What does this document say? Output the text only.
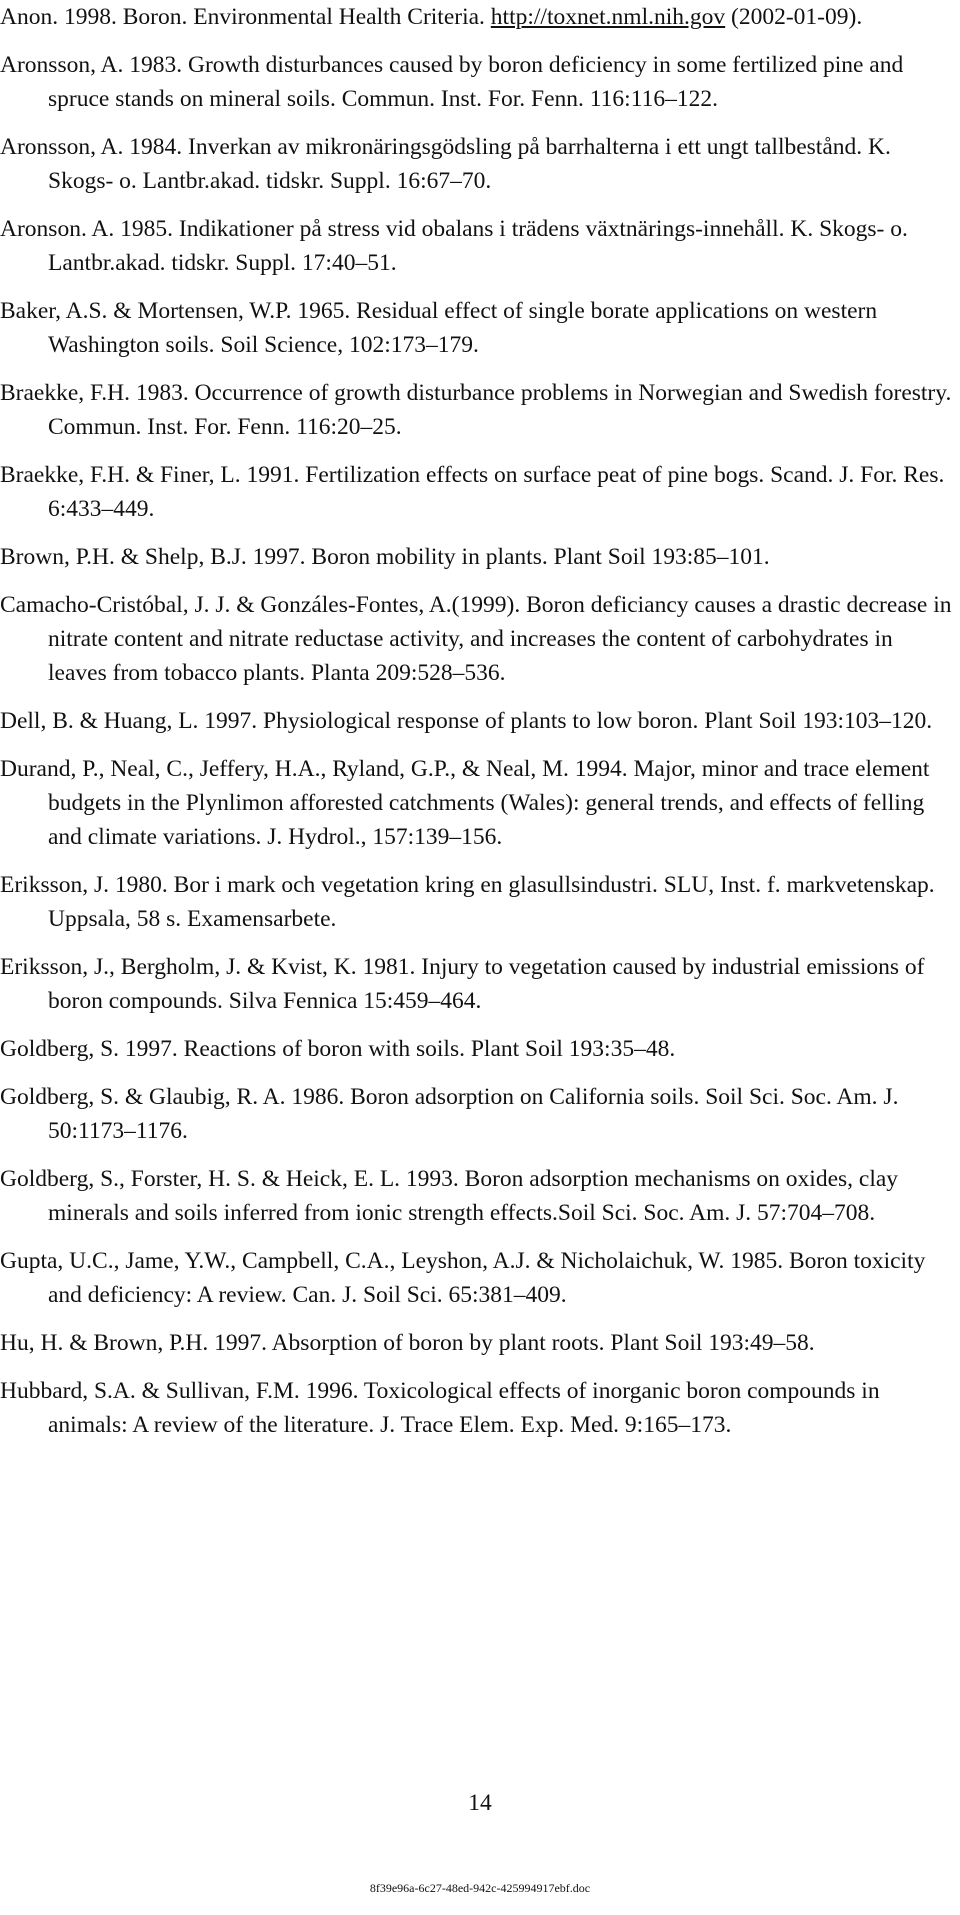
Anon. 1998. Boron. Environmental Health Criteria. http://toxnet.nml.nih.gov (2002-01-09).
Aronsson, A. 1983. Growth disturbances caused by boron deficiency in some fertilized pine and spruce stands on mineral soils. Commun. Inst. For. Fenn. 116:116–122.
Aronsson, A. 1984. Inverkan av mikronäringsgödsling på barrhalterna i ett ungt tallbestånd. K. Skogs- o. Lantbr.akad. tidskr. Suppl. 16:67–70.
Aronson. A. 1985. Indikationer på stress vid obalans i trädens växtnärings-innehåll. K. Skogs- o. Lantbr.akad. tidskr. Suppl. 17:40–51.
Baker, A.S. & Mortensen, W.P. 1965. Residual effect of single borate applications on western Washington soils. Soil Science, 102:173–179.
Braekke, F.H. 1983. Occurrence of growth disturbance problems in Norwegian and Swedish forestry. Commun. Inst. For. Fenn. 116:20–25.
Braekke, F.H. & Finer, L. 1991. Fertilization effects on surface peat of pine bogs. Scand. J. For. Res. 6:433–449.
Brown, P.H. & Shelp, B.J. 1997. Boron mobility in plants. Plant Soil 193:85–101.
Camacho-Cristóbal, J. J. & Gonzáles-Fontes, A.(1999). Boron deficiancy causes a drastic decrease in nitrate content and nitrate reductase activity, and increases the content of carbohydrates in leaves from tobacco plants. Planta 209:528–536.
Dell, B. & Huang, L. 1997. Physiological response of plants to low boron. Plant Soil 193:103–120.
Durand, P., Neal, C., Jeffery, H.A., Ryland, G.P., & Neal, M. 1994. Major, minor and trace element budgets in the Plynlimon afforested catchments (Wales): general trends, and effects of felling and climate variations. J. Hydrol., 157:139–156.
Eriksson, J. 1980. Bor i mark och vegetation kring en glasullsindustri. SLU, Inst. f. markvetenskap. Uppsala, 58 s. Examensarbete.
Eriksson, J., Bergholm, J. & Kvist, K. 1981. Injury to vegetation caused by industrial emissions of boron compounds. Silva Fennica 15:459–464.
Goldberg, S. 1997. Reactions of boron with soils. Plant Soil 193:35–48.
Goldberg, S. & Glaubig, R. A. 1986. Boron adsorption on California soils. Soil Sci. Soc. Am. J. 50:1173–1176.
Goldberg, S., Forster, H. S. & Heick, E. L. 1993. Boron adsorption mechanisms on oxides, clay minerals and soils inferred from ionic strength effects.Soil Sci. Soc. Am. J. 57:704–708.
Gupta, U.C., Jame, Y.W., Campbell, C.A., Leyshon, A.J. & Nicholaichuk, W. 1985. Boron toxicity and deficiency: A review. Can. J. Soil Sci. 65:381–409.
Hu, H. & Brown, P.H. 1997. Absorption of boron by plant roots. Plant Soil 193:49–58.
Hubbard, S.A. & Sullivan, F.M. 1996. Toxicological effects of inorganic boron compounds in animals: A review of the literature. J. Trace Elem. Exp. Med. 9:165–173.
14
8f39e96a-6c27-48ed-942c-425994917ebf.doc
